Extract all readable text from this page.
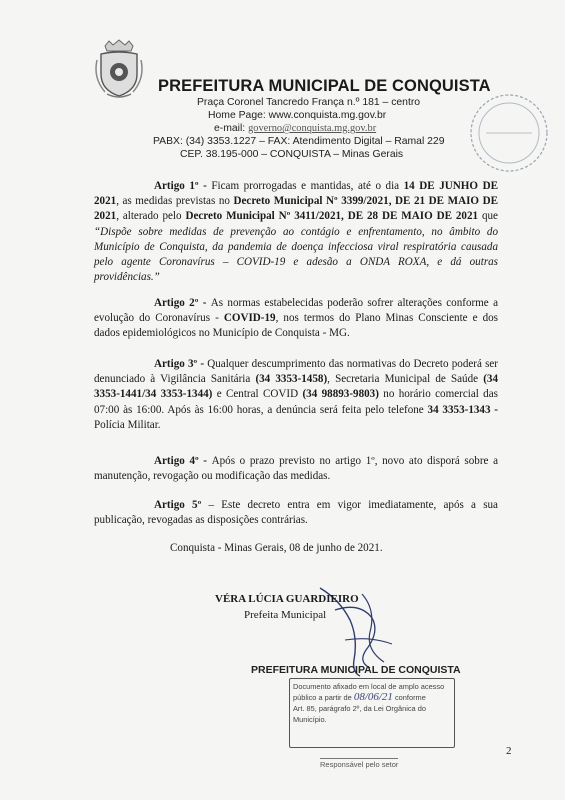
PREFEITURA MUNICIPAL DE CONQUISTA
Praça Coronel Tancredo França n.º 181 – centro
Home Page: www.conquista.mg.gov.br
e-mail: governo@conquista.mg.gov.br
PABX: (34) 3353.1227 – FAX: Atendimento Digital – Ramal 229
CEP. 38.195-000 – CONQUISTA – Minas Gerais
Artigo 1º - Ficam prorrogadas e mantidas, até o dia 14 DE JUNHO DE 2021, as medidas previstas no Decreto Municipal Nº 3399/2021, DE 21 DE MAIO DE 2021, alterado pelo Decreto Municipal Nº 3411/2021, DE 28 DE MAIO DE 2021 que “Dispõe sobre medidas de prevenção ao contágio e enfrentamento, no âmbito do Município de Conquista, da pandemia de doença infecciosa viral respiratória causada pelo agente Coronavírus – COVID-19 e adesão a ONDA ROXA, e dá outras providências.”
Artigo 2º - As normas estabelecidas poderão sofrer alterações conforme a evolução do Coronavírus - COVID-19, nos termos do Plano Minas Consciente e dos dados epidemiológicos no Município de Conquista - MG.
Artigo 3º - Qualquer descumprimento das normativas do Decreto poderá ser denunciado à Vigilância Sanitária (34 3353-1458), Secretaria Municipal de Saúde (34 3353-1441/34 3353-1344) e Central COVID (34 98893-9803) no horário comercial das 07:00 às 16:00. Após às 16:00 horas, a denúncia será feita pelo telefone 34 3353-1343 - Polícia Militar.
Artigo 4º - Após o prazo previsto no artigo 1º, novo ato disporá sobre a manutenção, revogação ou modificação das medidas.
Artigo 5º – Este decreto entra em vigor imediatamente, após a sua publicação, revogadas as disposições contrárias.
Conquista - Minas Gerais, 08 de junho de 2021.
VÉRA LÚCIA GUARDIEIRO
Prefeita Municipal
PREFEITURA MUNICIPAL DE CONQUISTA
Documento afixado em local de amplo acesso
público a partir de 08/06/21 conforme
Art. 85, parágrafo 2º, da Lei Orgânica do
Município.
Responsável pelo setor
2
